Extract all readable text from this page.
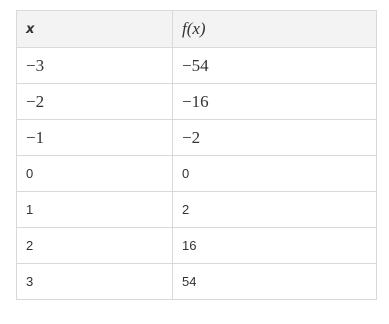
x	f(x)
−3	−54
−2	−16
−1	−2
0	0
1	2
2	16
3	54
